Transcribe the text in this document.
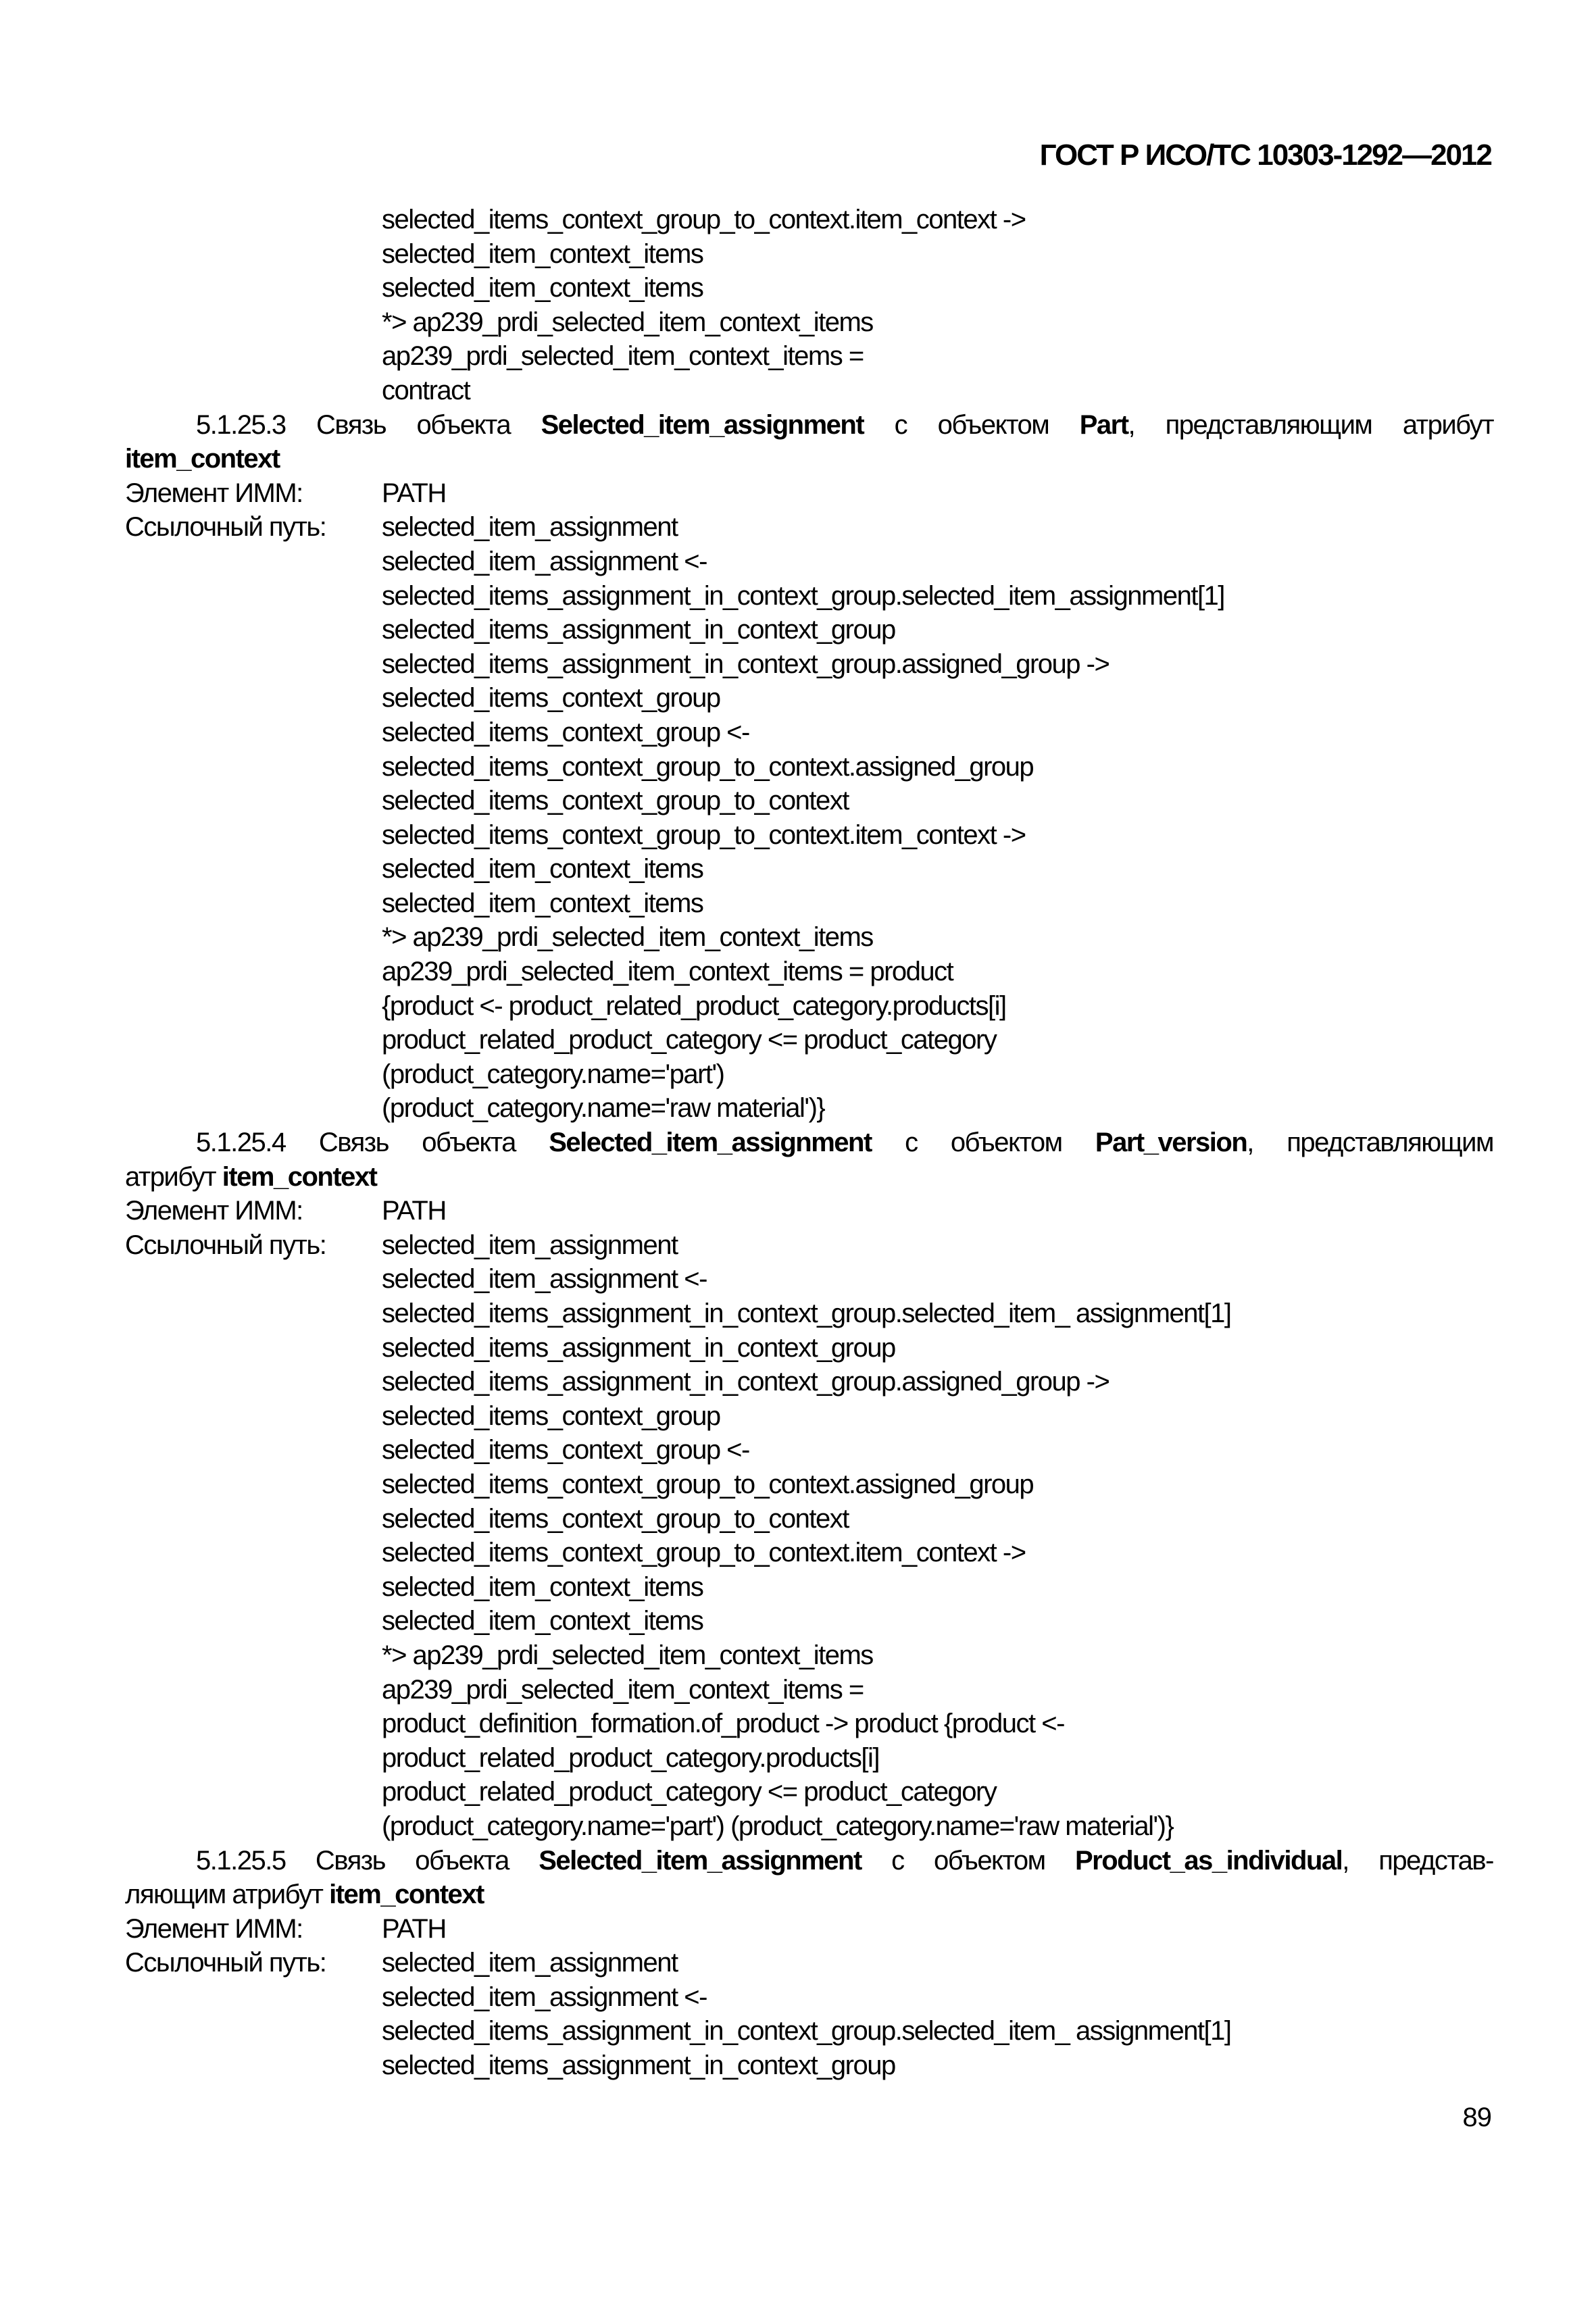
ГОСТ Р ИСО/ТС 10303-1292—2012
selected_items_context_group_to_context.item_context ->
selected_item_context_items
selected_item_context_items
*> ap239_prdi_selected_item_context_items
ap239_prdi_selected_item_context_items =
contract
5.1.25.3 Связь объекта Selected_item_assignment с объектом Part, представляющим атрибут
item_context
Элемент ИММ:	PATH
Ссылочный путь: selected_item_assignment
selected_item_assignment <-
selected_items_assignment_in_context_group.selected_item_assignment[1]
selected_items_assignment_in_context_group
selected_items_assignment_in_context_group.assigned_group ->
selected_items_context_group
selected_items_context_group <-
selected_items_context_group_to_context.assigned_group
selected_items_context_group_to_context
selected_items_context_group_to_context.item_context ->
selected_item_context_items
selected_item_context_items
*> ap239_prdi_selected_item_context_items
ap239_prdi_selected_item_context_items = product
{product <- product_related_product_category.products[i]
product_related_product_category <= product_category
(product_category.name='part')
(product_category.name='raw material')}
5.1.25.4 Связь объекта Selected_item_assignment с объектом Part_version, представляющим
атрибут item_context
Элемент ИММ:	PATH
Ссылочный путь: selected_item_assignment
selected_item_assignment <-
selected_items_assignment_in_context_group.selected_item_ assignment[1]
selected_items_assignment_in_context_group
selected_items_assignment_in_context_group.assigned_group ->
selected_items_context_group
selected_items_context_group <-
selected_items_context_group_to_context.assigned_group
selected_items_context_group_to_context
selected_items_context_group_to_context.item_context ->
selected_item_context_items
selected_item_context_items
*> ap239_prdi_selected_item_context_items
ap239_prdi_selected_item_context_items =
product_definition_formation.of_product -> product {product <-
product_related_product_category.products[i]
product_related_product_category <= product_category
(product_category.name='part') (product_category.name='raw material')}
5.1.25.5 Связь объекта Selected_item_assignment с объектом Product_as_individual, представ-
ляющим атрибут item_context
Элемент ИММ:	PATH
Ссылочный путь: selected_item_assignment
selected_item_assignment <-
selected_items_assignment_in_context_group.selected_item_ assignment[1]
selected_items_assignment_in_context_group
89
